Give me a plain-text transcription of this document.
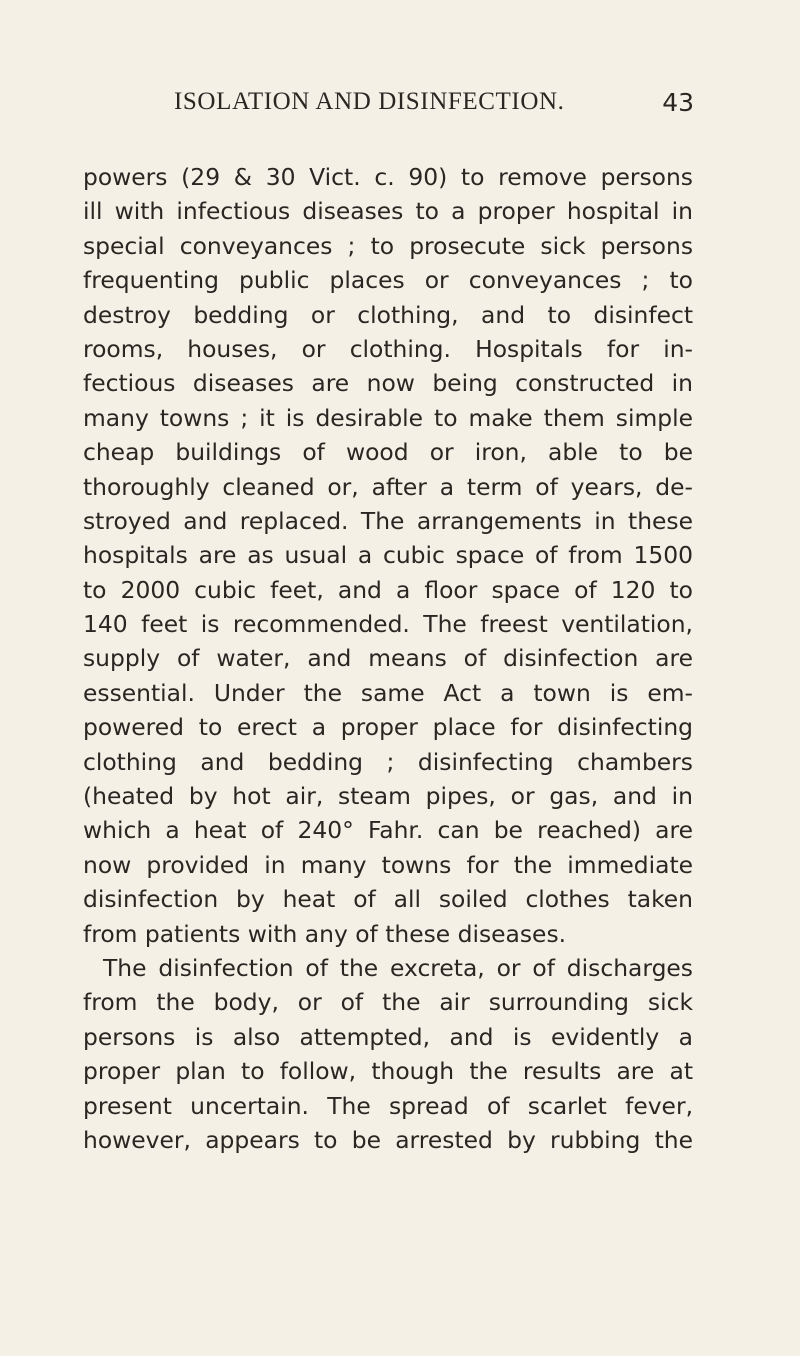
ISOLATION AND DISINFECTION.	43
powers (29 & 30 Vict. c. 90) to remove persons
ill with infectious diseases to a proper hospital in
special conveyances ; to prosecute sick persons
frequenting public places or conveyances ; to
destroy bedding or clothing, and to disinfect
rooms, houses, or clothing. Hospitals for in-
fectious diseases are now being constructed in
many towns ; it is desirable to make them simple
cheap buildings of wood or iron, able to be
thoroughly cleaned or, after a term of years, de-
stroyed and replaced. The arrangements in these
hospitals are as usual a cubic space of from 1500
to 2000 cubic feet, and a floor space of 120 to
140 feet is recommended. The freest ventilation,
supply of water, and means of disinfection are
essential. Under the same Act a town is em-
powered to erect a proper place for disinfecting
clothing and bedding ; disinfecting chambers
(heated by hot air, steam pipes, or gas, and in
which a heat of 240° Fahr. can be reached) are
now provided in many towns for the immediate
disinfection by heat of all soiled clothes taken
from patients with any of these diseases.
The disinfection of the excreta, or of discharges
from the body, or of the air surrounding sick
persons is also attempted, and is evidently a
proper plan to follow, though the results are at
present uncertain. The spread of scarlet fever,
however, appears to be arrested by rubbing the
